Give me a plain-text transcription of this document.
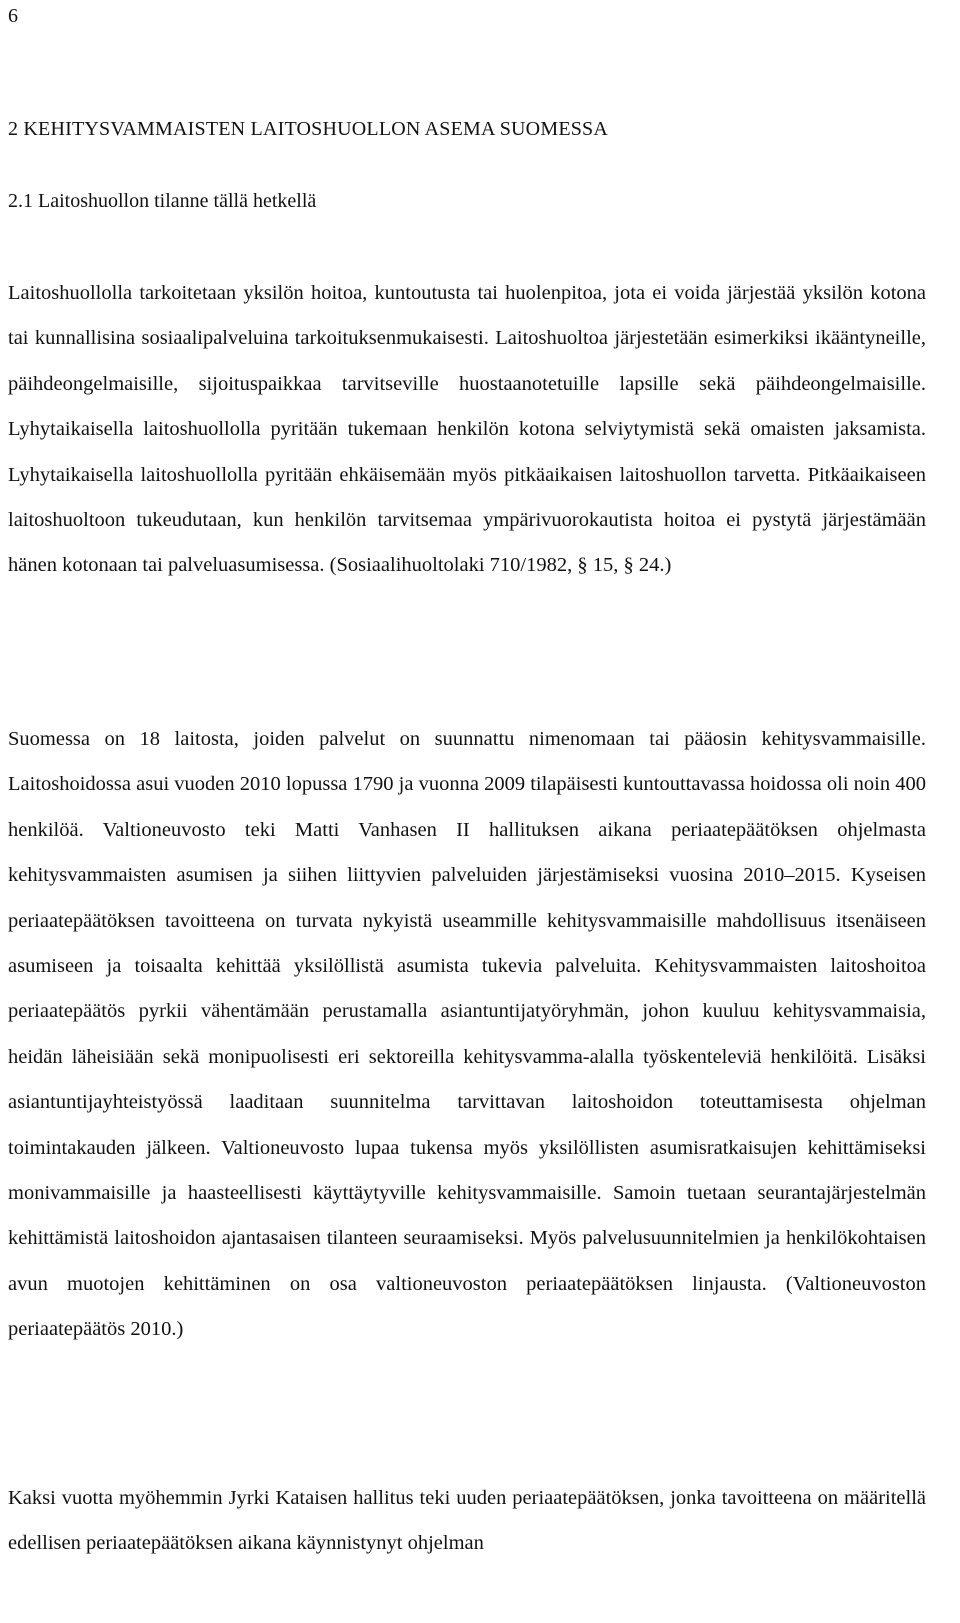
6
2 KEHITYSVAMMAISTEN LAITOSHUOLLON ASEMA SUOMESSA
2.1 Laitoshuollon tilanne tällä hetkellä

Laitoshuollolla tarkoitetaan yksilön hoitoa, kuntoutusta tai huolenpitoa, jota ei voida järjestää yksilön kotona tai kunnallisina sosiaalipalveluina tarkoituksenmukaisesti. Laitoshuoltoa järjestetään esimerkiksi ikääntyneille, päihdeongelmaisille, sijoituspaikkaa tarvitseville huostaanotetuille lapsille sekä päihdeongelmaisille. Lyhytaikaisella laitoshuollolla pyritään tukemaan henkilön kotona selviytymistä sekä omaisten jaksamista. Lyhytaikaisella laitoshuollolla pyritään ehkäisemään myös pitkäaikaisen laitoshuollon tarvetta. Pitkäaikaiseen laitoshuoltoon tukeudutaan, kun henkilön tarvitsemaa ympärivuorokautista hoitoa ei pystytä järjestämään hänen kotonaan tai palveluasumisessa. (Sosiaalihuoltolaki 710/1982, § 15, § 24.)

Suomessa on 18 laitosta, joiden palvelut on suunnattu nimenomaan tai pääosin kehitysvammaisille. Laitoshoidossa asui vuoden 2010 lopussa 1790 ja vuonna 2009 tilapäisesti kuntouttavassa hoidossa oli noin 400 henkilöä. Valtioneuvosto teki Matti Vanhasen II hallituksen aikana periaatepäätöksen ohjelmasta kehitysvammaisten asumisen ja siihen liittyvien palveluiden järjestämiseksi vuosina 2010–2015. Kyseisen periaatepäätöksen tavoitteena on turvata nykyistä useammille kehitysvammaisille mahdollisuus itsenäiseen asumiseen ja toisaalta kehittää yksilöllistä asumista tukevia palveluita. Kehitysvammaisten laitoshoitoa periaatepäätös pyrkii vähentämään perustamalla asiantuntijatyöryhmän, johon kuuluu kehitysvammaisia, heidän läheisiään sekä monipuolisesti eri sektoreilla kehitysvamma-alalla työskenteleviä henkilöitä. Lisäksi asiantuntijayhteistyössä laaditaan suunnitelma tarvittavan laitoshoidon toteuttamisesta ohjelman toimintakauden jälkeen. Valtioneuvosto lupaa tukensa myös yksilöllisten asumisratkaisujen kehittämiseksi monivammaisille ja haasteellisesti käyttäytyville kehitysvammaisille. Samoin tuetaan seurantajärjestelmän kehittämistä laitoshoidon ajantasaisen tilanteen seuraamiseksi. Myös palvelusuunnitelmien ja henkilökohtaisen avun muotojen kehittäminen on osa valtioneuvoston periaatepäätöksen linjausta. (Valtioneuvoston periaatepäätös 2010.)

Kaksi vuotta myöhemmin Jyrki Kataisen hallitus teki uuden periaatepäätöksen, jonka tavoitteena on määritellä edellisen periaatepäätöksen aikana käynnistynyt ohjelman
